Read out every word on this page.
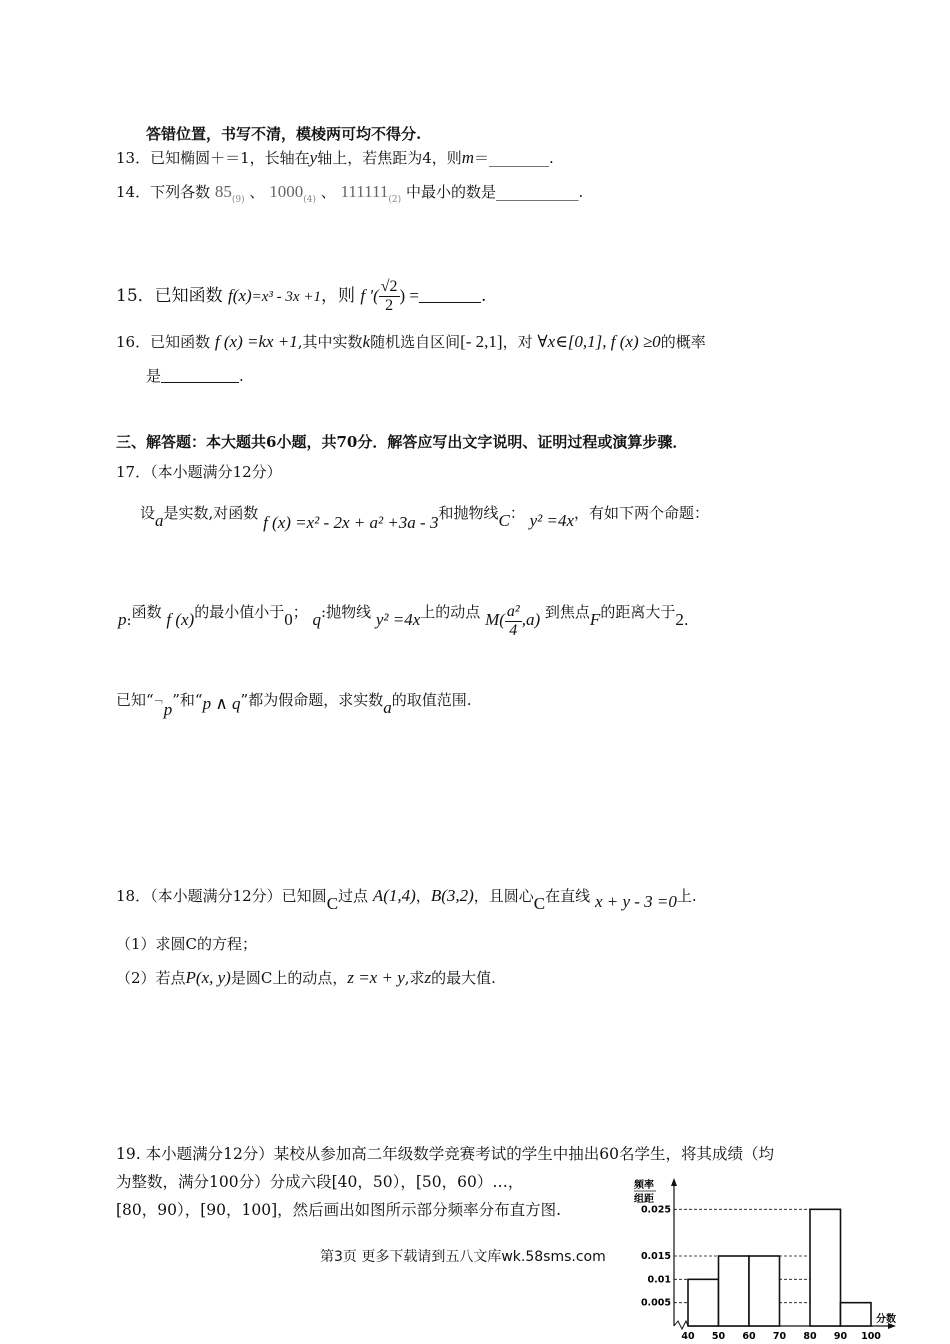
答错位置，书写不清，模棱两可均不得分.
13．已知椭圆＋＝1，长轴在y轴上，若焦距为4，则m＝________.
14．下列各数 $85_{(9)}$ 、 $1000_{(4)}$ 、 $111111_{(2)}$ 中最小的数是___________.
15．已知函数 f(x)=x³ - 3x +1，则 f ′( $\frac{√2}{2}$ ) =	.
16．已知函数 f (x) =kx +1,其中实数k随机选自区间[- 2,1]，对 ∀x∈[0,1], f (x) ≥0的概率
是	.
三、解答题：本大题共6小题，共70分．解答应写出文字说明、证明过程或演算步骤．
17．（本小题满分12分）
设a是实数,对函数 f (x) =x² - 2x + a² +3a - 3和抛物线C： y² =4x，有如下两个命题：
p:函数 f (x)的最小值小于0； q:抛物线 y² =4x上的动点 $M( \frac{\text{a²}}{4} ,a)$ 到焦点F的距离大于2.
已知“¬p”和“p ∧ q”都为假命题，求实数a的取值范围.
18．（本小题满分12分）已知圆C过点 A(1,4)，B(3,2)，且圆心C在直线 x + y - 3 =0上.
（1）求圆C的方程；
（2）若点P(x, y)是圆C上的动点，z =x + y,求z的最大值.
19. 本小题满分12分）某校从参加高二年级数学竞赛考试的学生中抽出60名学生，将其成绩（均
为整数，满分100分）分成六段[40，50），[50，60）…，
[80，90），[90，100]，然后画出如图所示部分频率分布直方图.
频率
组距
分数
0.025
0.015
0.01
0.005
40 50 60 70 80 90 100
第3页 更多下载请到五八文库wk.58sms.com
